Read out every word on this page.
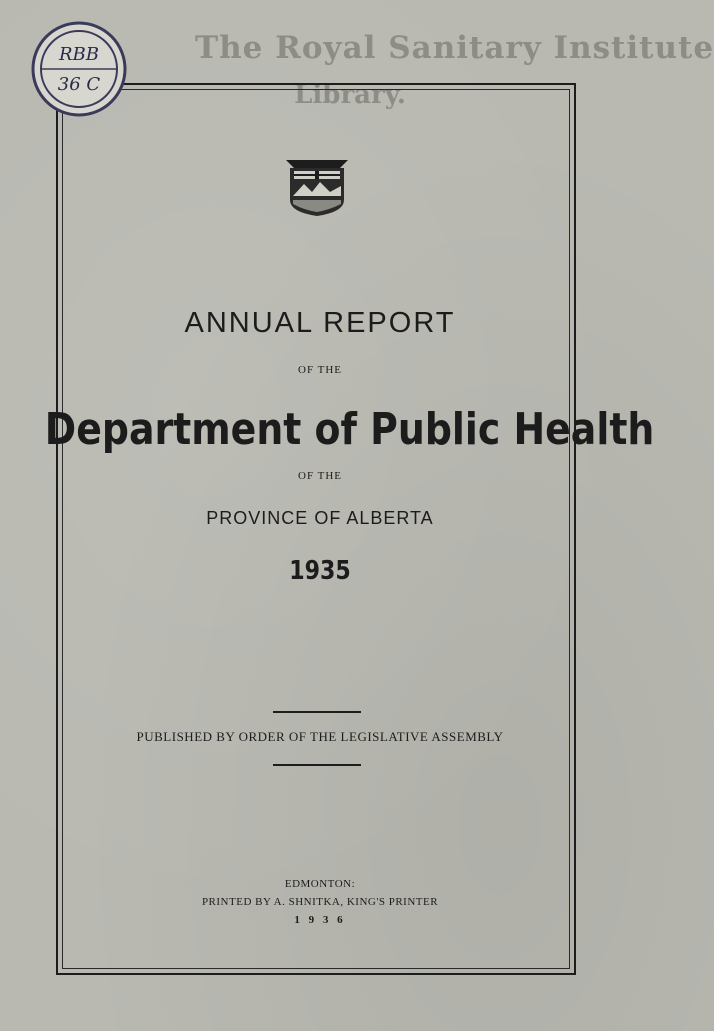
The Royal Sanitary Institute
Library.
RBB
36 C
ANNUAL REPORT
OF THE
Department of Public Health
OF THE
PROVINCE OF ALBERTA
1935
PUBLISHED BY ORDER OF THE LEGISLATIVE ASSEMBLY
EDMONTON:
PRINTED BY A. SHNITKA, KING'S PRINTER
1 9 3 6
